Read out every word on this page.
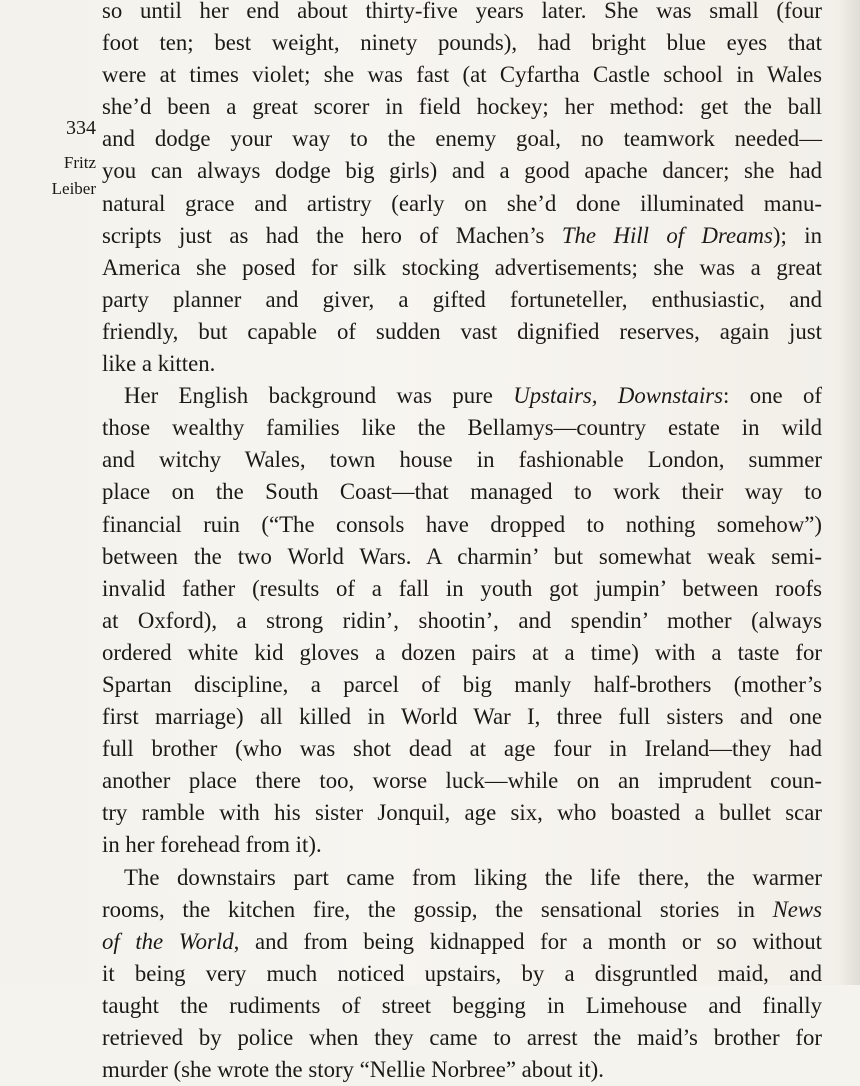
334
Fritz
Leiber
so until her end about thirty-five years later. She was small (four
foot ten; best weight, ninety pounds), had bright blue eyes that
were at times violet; she was fast (at Cyfartha Castle school in Wales
she’d been a great scorer in field hockey; her method: get the ball
and dodge your way to the enemy goal, no teamwork needed—
you can always dodge big girls) and a good apache dancer; she had
natural grace and artistry (early on she’d done illuminated manu-
scripts just as had the hero of Machen’s The Hill of Dreams); in
America she posed for silk stocking advertisements; she was a great
party planner and giver, a gifted fortuneteller, enthusiastic, and
friendly, but capable of sudden vast dignified reserves, again just
like a kitten.
Her English background was pure Upstairs, Downstairs: one of
those wealthy families like the Bellamys—country estate in wild
and witchy Wales, town house in fashionable London, summer
place on the South Coast—that managed to work their way to
financial ruin (“The consols have dropped to nothing somehow”)
between the two World Wars. A charmin’ but somewhat weak semi-
invalid father (results of a fall in youth got jumpin’ between roofs
at Oxford), a strong ridin’, shootin’, and spendin’ mother (always
ordered white kid gloves a dozen pairs at a time) with a taste for
Spartan discipline, a parcel of big manly half-brothers (mother’s
first marriage) all killed in World War I, three full sisters and one
full brother (who was shot dead at age four in Ireland—they had
another place there too, worse luck—while on an imprudent coun-
try ramble with his sister Jonquil, age six, who boasted a bullet scar
in her forehead from it).
The downstairs part came from liking the life there, the warmer
rooms, the kitchen fire, the gossip, the sensational stories in News
of the World, and from being kidnapped for a month or so without
it being very much noticed upstairs, by a disgruntled maid, and
taught the rudiments of street begging in Limehouse and finally
retrieved by police when they came to arrest the maid’s brother for
murder (she wrote the story “Nellie Norbree” about it).
